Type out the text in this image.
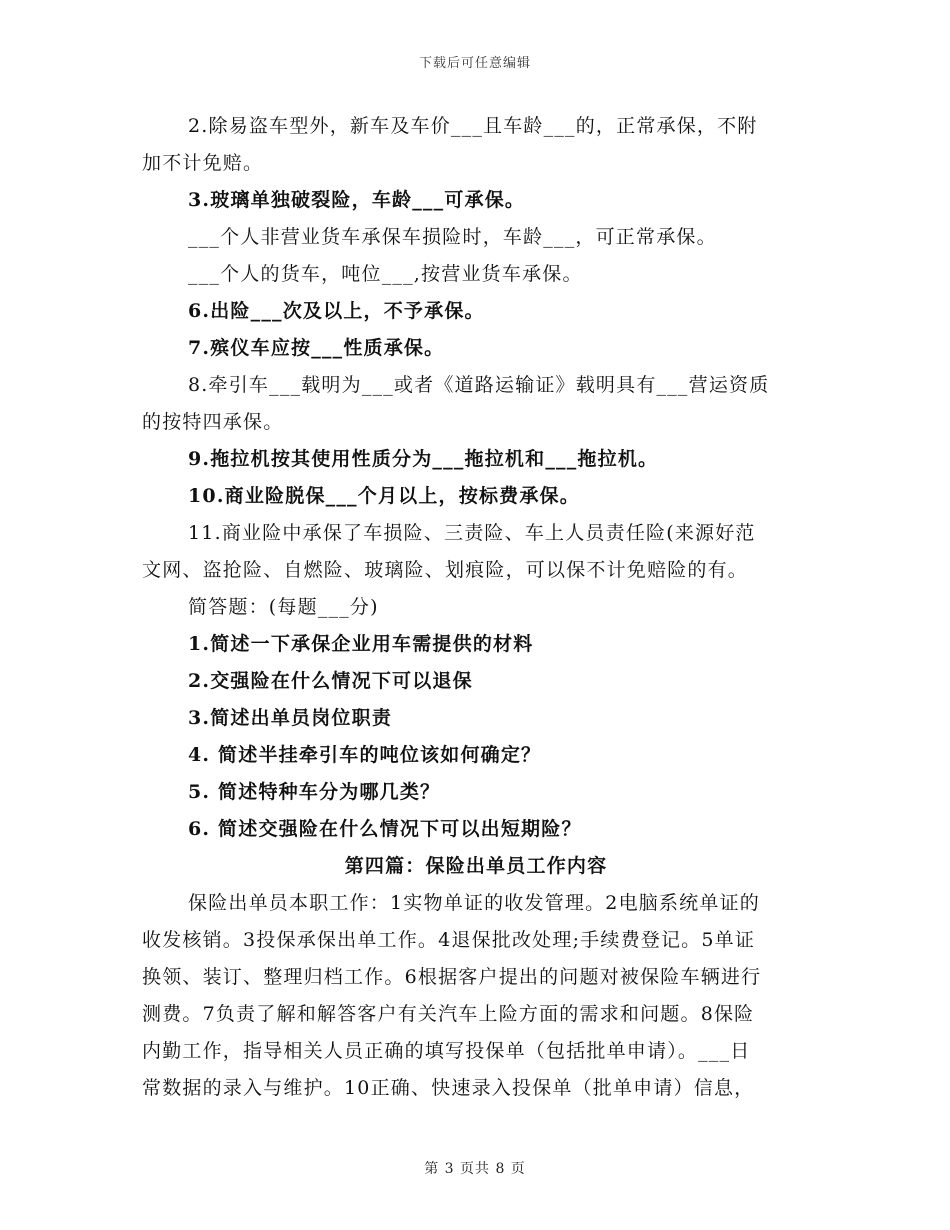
下载后可任意编辑
2.除易盗车型外，新车及车价___且车龄___的，正常承保，不附
加不计免赔。
3.玻璃单独破裂险，车龄___可承保。
___个人非营业货车承保车损险时，车龄___，可正常承保。
___个人的货车，吨位___,按营业货车承保。
6.出险___次及以上，不予承保。
7.殡仪车应按___性质承保。
8.牵引车___载明为___或者《道路运输证》载明具有___营运资质
的按特四承保。
9.拖拉机按其使用性质分为___拖拉机和___拖拉机。
10.商业险脱保___个月以上，按标费承保。
11.商业险中承保了车损险、三责险、车上人员责任险(来源好范
文网、盗抢险、自燃险、玻璃险、划痕险，可以保不计免赔险的有。
简答题：(每题___分)
1.简述一下承保企业用车需提供的材料
2.交强险在什么情况下可以退保
3.简述出单员岗位职责
4. 简述半挂牵引车的吨位该如何确定？
5. 简述特种车分为哪几类？
6. 简述交强险在什么情况下可以出短期险？
第四篇：保险出单员工作内容
保险出单员本职工作：1实物单证的收发管理。2电脑系统单证的
收发核销。3投保承保出单工作。4退保批改处理;手续费登记。5单证
换领、装订、整理归档工作。6根据客户提出的问题对被保险车辆进行
测费。7负责了解和解答客户有关汽车上险方面的需求和问题。8保险
内勤工作，指导相关人员正确的填写投保单（包括批单申请）。___日
常数据的录入与维护。10正确、快速录入投保单（批单申请）信息，
第 3 页共 8 页
